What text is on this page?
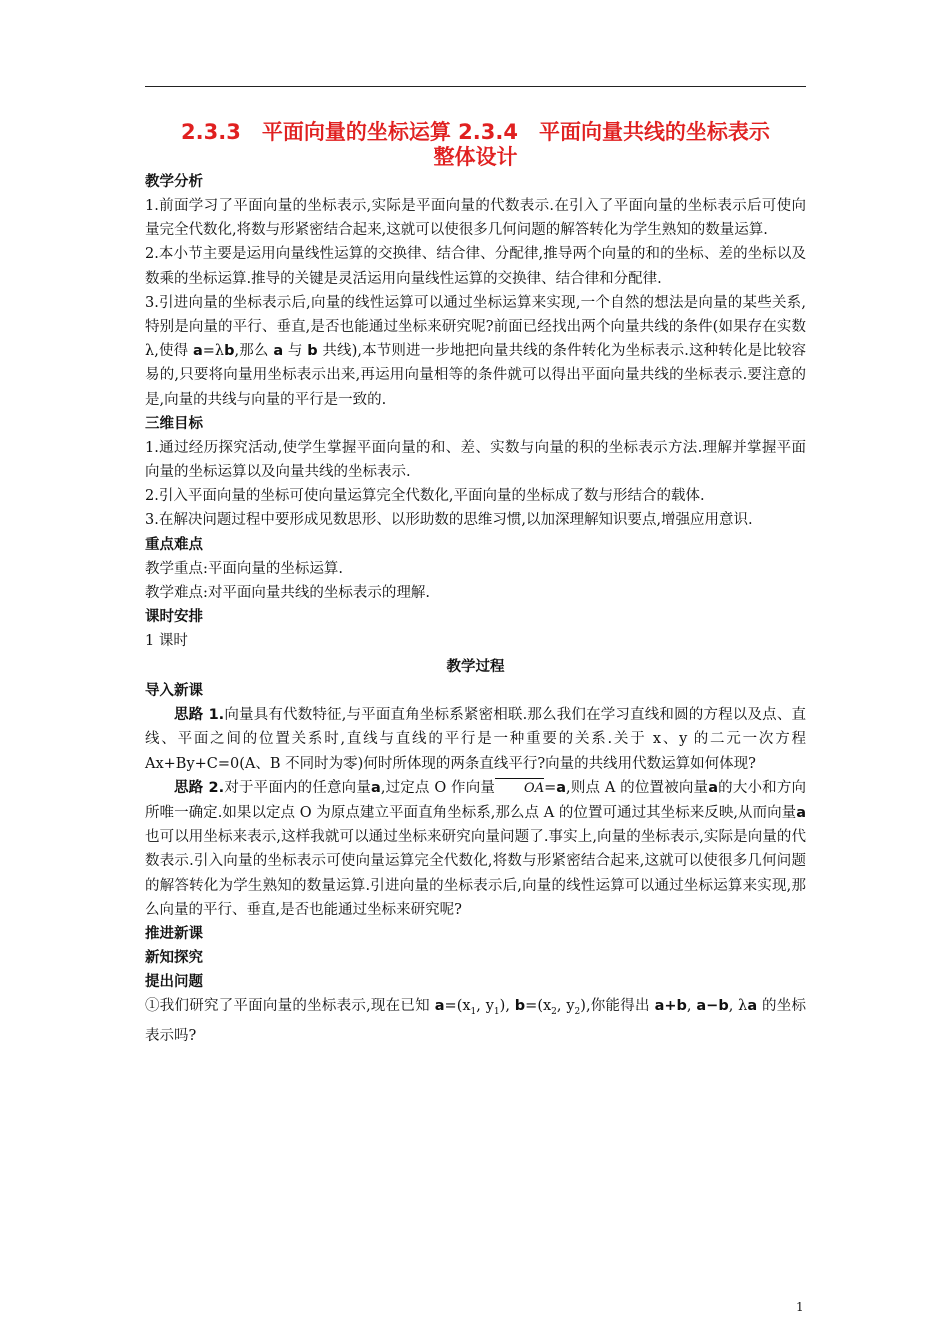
2.3.3　平面向量的坐标运算 2.3.4　平面向量共线的坐标表示

整体设计

教学分析

1.前面学习了平面向量的坐标表示,实际是平面向量的代数表示.在引入了平面向量的坐标表示后可使向量完全代数化,将数与形紧密结合起来,这就可以使很多几何问题的解答转化为学生熟知的数量运算.

2.本小节主要是运用向量线性运算的交换律、结合律、分配律,推导两个向量的和的坐标、差的坐标以及数乘的坐标运算.推导的关键是灵活运用向量线性运算的交换律、结合律和分配律.

3.引进向量的坐标表示后,向量的线性运算可以通过坐标运算来实现,一个自然的想法是向量的某些关系,特别是向量的平行、垂直,是否也能通过坐标来研究呢?前面已经找出两个向量共线的条件(如果存在实数 λ,使得 a=λb,那么 a 与 b 共线),本节则进一步地把向量共线的条件转化为坐标表示.这种转化是比较容易的,只要将向量用坐标表示出来,再运用向量相等的条件就可以得出平面向量共线的坐标表示.要注意的是,向量的共线与向量的平行是一致的.

三维目标

1.通过经历探究活动,使学生掌握平面向量的和、差、实数与向量的积的坐标表示方法.理解并掌握平面向量的坐标运算以及向量共线的坐标表示.

2.引入平面向量的坐标可使向量运算完全代数化,平面向量的坐标成了数与形结合的载体.

3.在解决问题过程中要形成见数思形、以形助数的思维习惯,以加深理解知识要点,增强应用意识.

重点难点

教学重点:平面向量的坐标运算.

教学难点:对平面向量共线的坐标表示的理解.

课时安排

1 课时

教学过程

导入新课

思路 1.向量具有代数特征,与平面直角坐标系紧密相联.那么我们在学习直线和圆的方程以及点、直线、平面之间的位置关系时,直线与直线的平行是一种重要的关系.关于 x、y 的二元一次方程 Ax+By+C=0(A、B 不同时为零)何时所体现的两条直线平行?向量的共线用代数运算如何体现?

思路 2.对于平面内的任意向量a,过定点 O 作向量 OA=a,则点 A 的位置被向量a的大小和方向所唯一确定.如果以定点 O 为原点建立平面直角坐标系,那么点 A 的位置可通过其坐标来反映,从而向量a也可以用坐标来表示,这样我就可以通过坐标来研究向量问题了.事实上,向量的坐标表示,实际是向量的代数表示.引入向量的坐标表示可使向量运算完全代数化,将数与形紧密结合起来,这就可以使很多几何问题的解答转化为学生熟知的数量运算.引进向量的坐标表示后,向量的线性运算可以通过坐标运算来实现,那么向量的平行、垂直,是否也能通过坐标来研究呢?

推进新课

新知探究

提出问题

①我们研究了平面向量的坐标表示,现在已知 $a=(x_1$, $y_1$), $b=(x_2$, $y_2$),你能得出 a+b, a−b, λa 的坐标表示吗?

1
